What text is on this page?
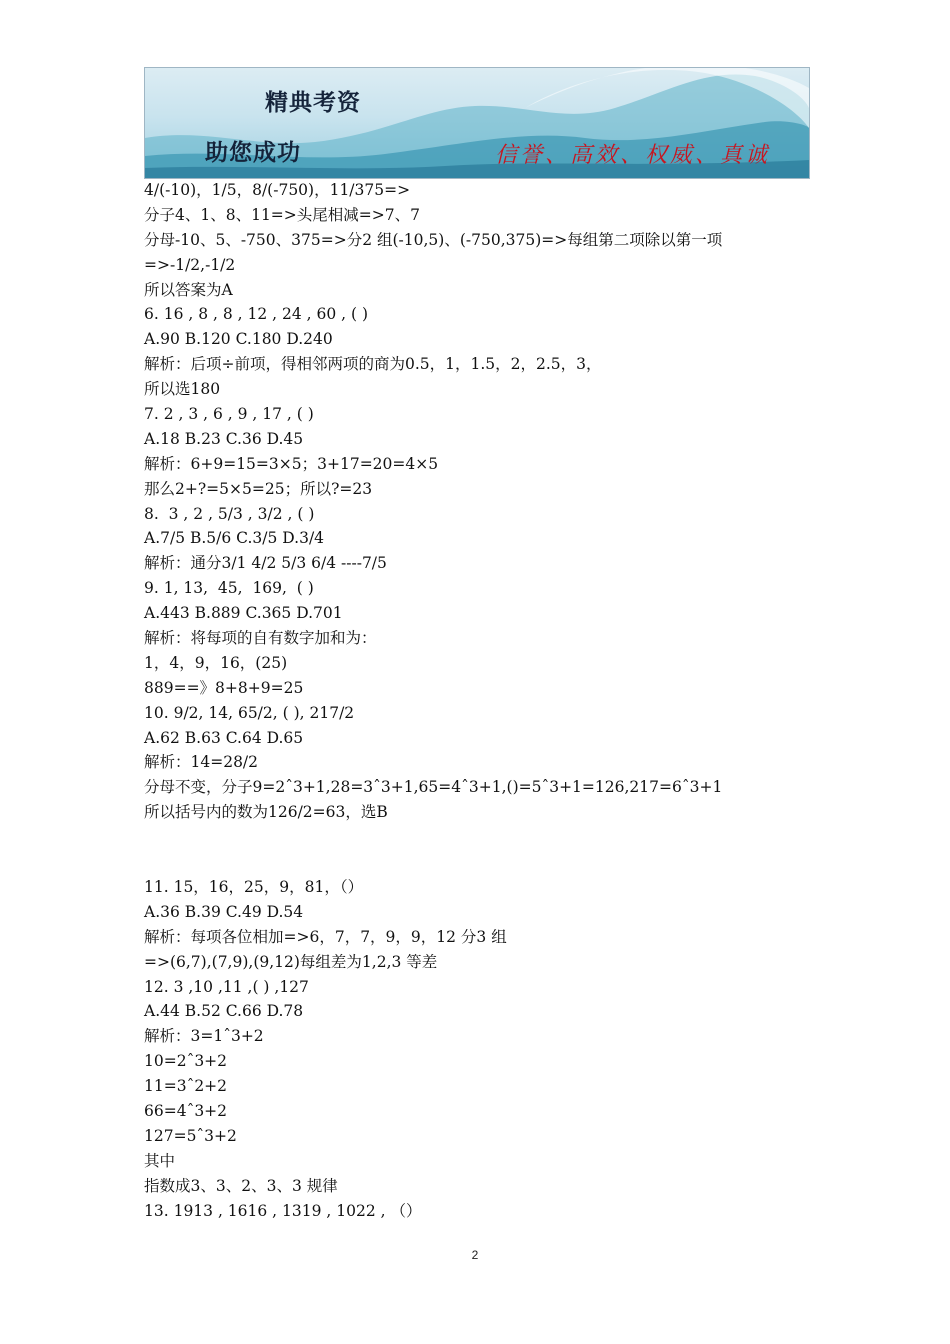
精典考资
助您成功	信誉、高效、权威、真诚
4/(-10)，1/5，8/(-750)，11/375=>
分子4、1、8、11=>头尾相减=>7、7
分母-10、5、-750、375=>分2 组(-10,5)、(-750,375)=>每组第二项除以第一项
=>-1/2,-1/2
所以答案为A
6. 16 , 8 , 8 , 12 , 24 , 60 , ( )
A.90 B.120 C.180 D.240
解析：后项÷前项，得相邻两项的商为0.5，1，1.5，2，2.5，3，
所以选180
7. 2 , 3 , 6 , 9 , 17 , ( )
A.18 B.23 C.36 D.45
解析：6+9=15=3×5；3+17=20=4×5
那么2+?=5×5=25；所以?=23
8.  3 , 2 , 5/3 , 3/2 , ( )
A.7/5 B.5/6 C.3/5 D.3/4
解析：通分3/1 4/2 5/3 6/4 ----7/5
9. 1, 13,  45,  169,  ( )
A.443 B.889 C.365 D.701
解析：将每项的自有数字加和为：
1，4，9，16，(25)
889==》8+8+9=25
10. 9/2, 14, 65/2, ( ), 217/2
A.62 B.63 C.64 D.65
解析：14=28/2
分母不变，分子9=2ˆ3+1,28=3ˆ3+1,65=4ˆ3+1,()=5ˆ3+1=126,217=6ˆ3+1
所以括号内的数为126/2=63，选B
11. 15，16，25，9，81，（）
A.36 B.39 C.49 D.54
解析：每项各位相加=>6，7，7，9，9，12 分3 组
=>(6,7),(7,9),(9,12)每组差为1,2,3 等差
12. 3 ,10 ,11 ,( ) ,127
A.44 B.52 C.66 D.78
解析：3=1ˆ3+2
10=2ˆ3+2
11=3ˆ2+2
66=4ˆ3+2
127=5ˆ3+2
其中
指数成3、3、2、3、3 规律
13. 1913 , 1616 , 1319 , 1022 , （）
2
